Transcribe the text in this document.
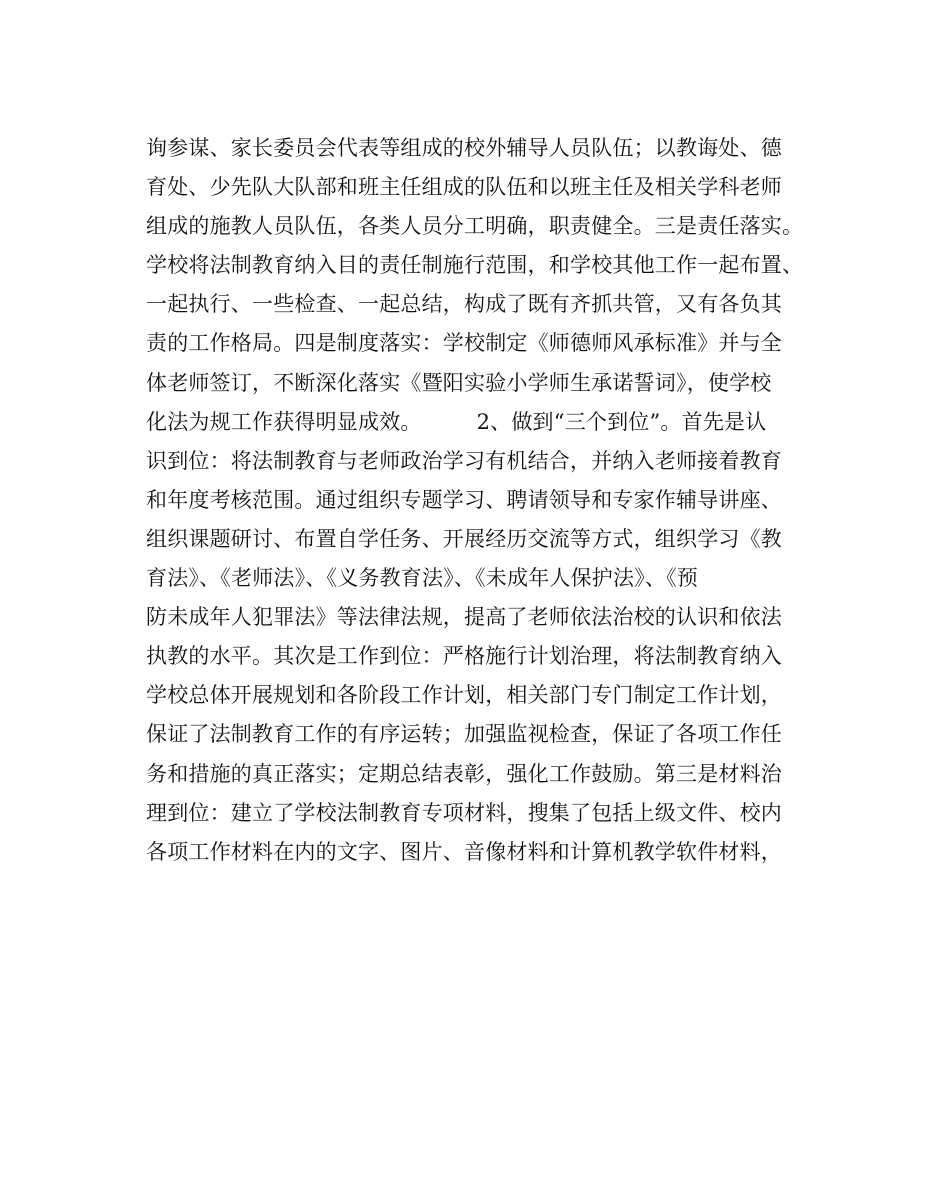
询参谋、家长委员会代表等组成的校外辅导人员队伍；以教诲处、德
育处、少先队大队部和班主任组成的队伍和以班主任及相关学科老师
组成的施教人员队伍，各类人员分工明确，职责健全。三是责任落实。
学校将法制教育纳入目的责任制施行范围，和学校其他工作一起布置、
一起执行、一些检查、一起总结，构成了既有齐抓共管，又有各负其
责的工作格局。四是制度落实：学校制定《师德师风承标准》并与全
体老师签订，不断深化落实《暨阳实验小学师生承诺誓词》，使学校
化法为规工作获得明显成效。        2、做到“三个到位”。首先是认
识到位：将法制教育与老师政治学习有机结合，并纳入老师接着教育
和年度考核范围。通过组织专题学习、聘请领导和专家作辅导讲座、
组织课题研讨、布置自学任务、开展经历交流等方式，组织学习《教
育法》、《老师法》、《义务教育法》、《未成年人保护法》、《预
防未成年人犯罪法》等法律法规，提高了老师依法治校的认识和依法
执教的水平。其次是工作到位：严格施行计划治理，将法制教育纳入
学校总体开展规划和各阶段工作计划，相关部门专门制定工作计划，
保证了法制教育工作的有序运转；加强监视检查，保证了各项工作任
务和措施的真正落实；定期总结表彰，强化工作鼓励。第三是材料治
理到位：建立了学校法制教育专项材料，搜集了包括上级文件、校内
各项工作材料在内的文字、图片、音像材料和计算机教学软件材料，
